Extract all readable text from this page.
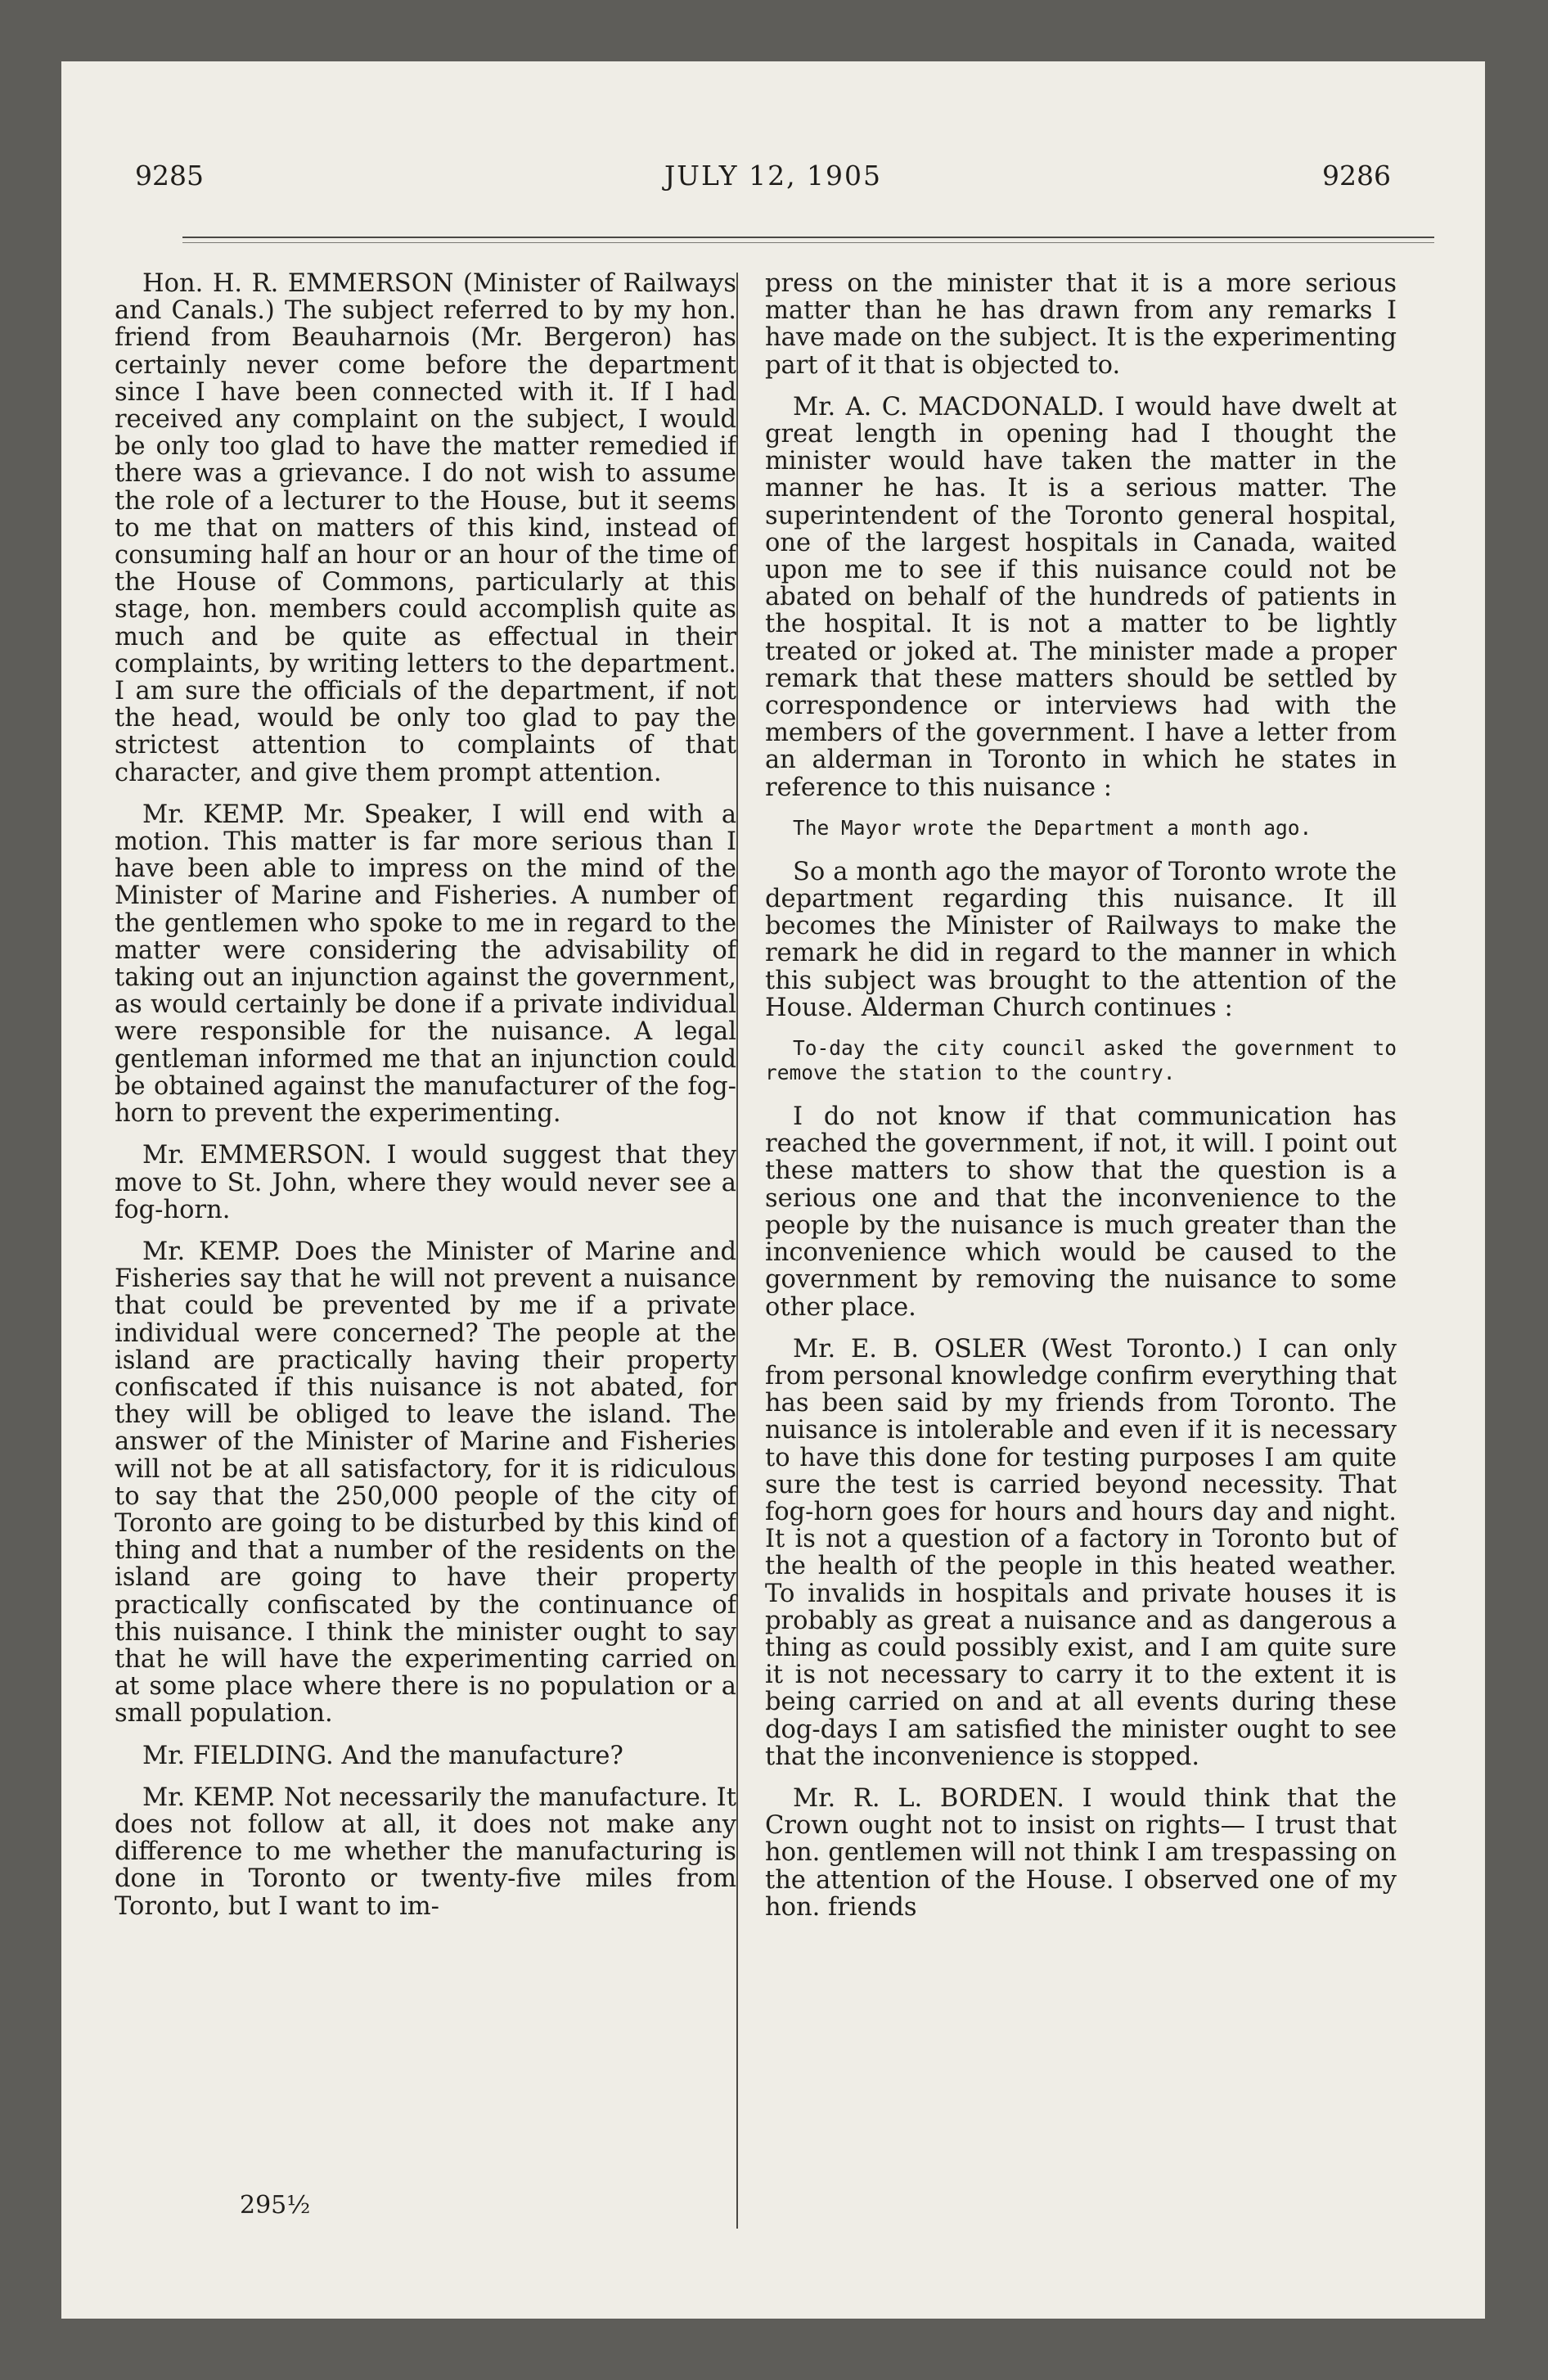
9285	JULY 12, 1905	9286

Hon. H. R. EMMERSON (Minister of Railways and Canals.) The subject referred to by my hon. friend from Beauharnois (Mr. Bergeron) has certainly never come before the department since I have been connected with it. If I had received any complaint on the subject, I would be only too glad to have the matter remedied if there was a grievance. I do not wish to assume the role of a lecturer to the House, but it seems to me that on matters of this kind, instead of consuming half an hour or an hour of the time of the House of Commons, particularly at this stage, hon. members could accomplish quite as much and be quite as effectual in their complaints, by writing letters to the department. I am sure the officials of the department, if not the head, would be only too glad to pay the strictest attention to complaints of that character, and give them prompt attention.

Mr. KEMP. Mr. Speaker, I will end with a motion. This matter is far more serious than I have been able to impress on the mind of the Minister of Marine and Fisheries. A number of the gentlemen who spoke to me in regard to the matter were considering the advisability of taking out an injunction against the government, as would certainly be done if a private individual were responsible for the nuisance. A legal gentleman informed me that an injunction could be obtained against the manufacturer of the fog-horn to prevent the experimenting.

Mr. EMMERSON. I would suggest that they move to St. John, where they would never see a fog-horn.

Mr. KEMP. Does the Minister of Marine and Fisheries say that he will not prevent a nuisance that could be prevented by me if a private individual were concerned? The people at the island are practically having their property confiscated if this nuisance is not abated, for they will be obliged to leave the island. The answer of the Minister of Marine and Fisheries will not be at all satisfactory, for it is ridiculous to say that the 250,000 people of the city of Toronto are going to be disturbed by this kind of thing and that a number of the residents on the island are going to have their property practically confiscated by the continuance of this nuisance. I think the minister ought to say that he will have the experimenting carried on at some place where there is no population or a small population.

Mr. FIELDING. And the manufacture?

Mr. KEMP. Not necessarily the manufacture. It does not follow at all, it does not make any difference to me whether the manufacturing is done in Toronto or twenty-five miles from Toronto, but I want to im-

press on the minister that it is a more serious matter than he has drawn from any remarks I have made on the subject. It is the experimenting part of it that is objected to.

Mr. A. C. MACDONALD. I would have dwelt at great length in opening had I thought the minister would have taken the matter in the manner he has. It is a serious matter. The superintendent of the Toronto general hospital, one of the largest hospitals in Canada, waited upon me to see if this nuisance could not be abated on behalf of the hundreds of patients in the hospital. It is not a matter to be lightly treated or joked at. The minister made a proper remark that these matters should be settled by correspondence or interviews had with the members of the government. I have a letter from an alderman in Toronto in which he states in reference to this nuisance :

The Mayor wrote the Department a month ago.

So a month ago the mayor of Toronto wrote the department regarding this nuisance. It ill becomes the Minister of Railways to make the remark he did in regard to the manner in which this subject was brought to the attention of the House. Alderman Church continues :

To-day the city council asked the government to remove the station to the country.

I do not know if that communication has reached the government, if not, it will. I point out these matters to show that the question is a serious one and that the inconvenience to the people by the nuisance is much greater than the inconvenience which would be caused to the government by removing the nuisance to some other place.

Mr. E. B. OSLER (West Toronto.) I can only from personal knowledge confirm everything that has been said by my friends from Toronto. The nuisance is intolerable and even if it is necessary to have this done for testing purposes I am quite sure the test is carried beyond necessity. That fog-horn goes for hours and hours day and night. It is not a question of a factory in Toronto but of the health of the people in this heated weather. To invalids in hospitals and private houses it is probably as great a nuisance and as dangerous a thing as could possibly exist, and I am quite sure it is not necessary to carry it to the extent it is being carried on and at all events during these dog-days I am satisfied the minister ought to see that the inconvenience is stopped.

Mr. R. L. BORDEN. I would think that the Crown ought not to insist on rights— I trust that hon. gentlemen will not think I am trespassing on the attention of the House. I observed one of my hon. friends

295½
